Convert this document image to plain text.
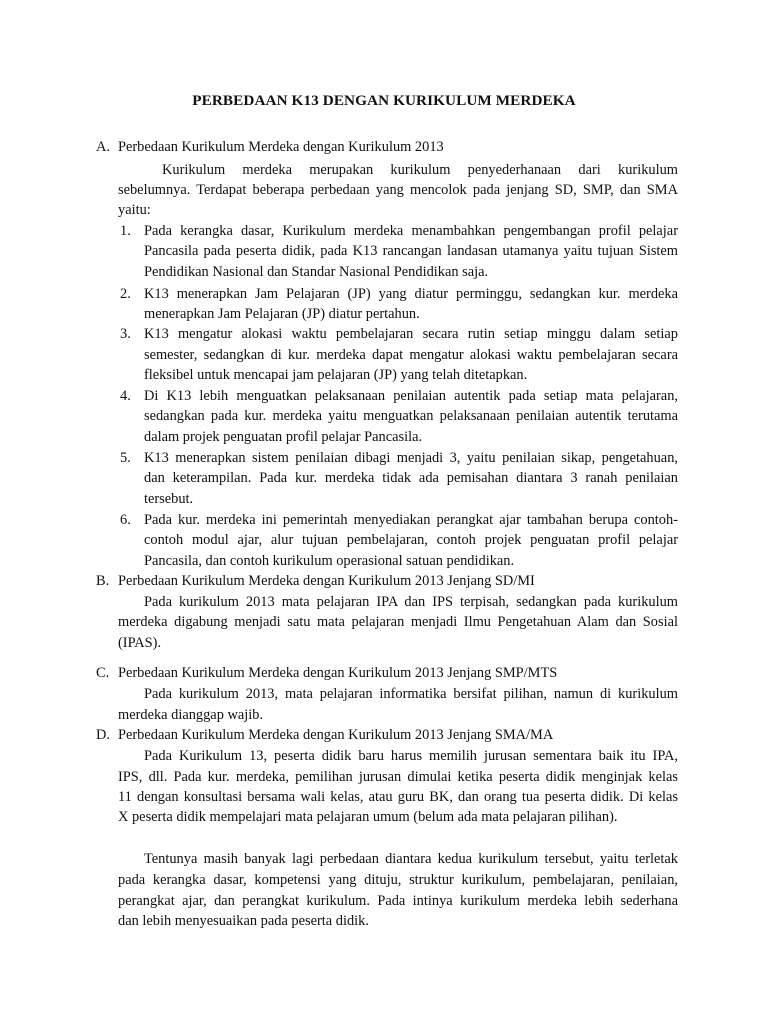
PERBEDAAN K13 DENGAN KURIKULUM MERDEKA
A. Perbedaan Kurikulum Merdeka dengan Kurikulum 2013
Kurikulum merdeka merupakan kurikulum penyederhanaan dari kurikulum
sebelumnya. Terdapat beberapa perbedaan yang mencolok pada jenjang SD, SMP, dan SMA
yaitu:
1. Pada kerangka dasar, Kurikulum merdeka menambahkan pengembangan profil pelajar
Pancasila pada peserta didik, pada K13 rancangan landasan utamanya yaitu tujuan Sistem
Pendidikan Nasional dan Standar Nasional Pendidikan saja.
2. K13 menerapkan Jam Pelajaran (JP) yang diatur perminggu, sedangkan kur. merdeka
menerapkan Jam Pelajaran (JP) diatur pertahun.
3. K13 mengatur alokasi waktu pembelajaran secara rutin setiap minggu dalam setiap
semester, sedangkan di kur. merdeka dapat mengatur alokasi waktu pembelajaran secara
fleksibel untuk mencapai jam pelajaran (JP) yang telah ditetapkan.
4. Di K13 lebih menguatkan pelaksanaan penilaian autentik pada setiap mata pelajaran,
sedangkan pada kur. merdeka yaitu menguatkan pelaksanaan penilaian autentik terutama
dalam projek penguatan profil pelajar Pancasila.
5. K13 menerapkan sistem penilaian dibagi menjadi 3, yaitu penilaian sikap, pengetahuan,
dan keterampilan. Pada kur. merdeka tidak ada pemisahan diantara 3 ranah penilaian
tersebut.
6. Pada kur. merdeka ini pemerintah menyediakan perangkat ajar tambahan berupa contoh-
contoh modul ajar, alur tujuan pembelajaran, contoh projek penguatan profil pelajar
Pancasila, dan contoh kurikulum operasional satuan pendidikan.
B. Perbedaan Kurikulum Merdeka dengan Kurikulum 2013 Jenjang SD/MI
Pada kurikulum 2013 mata pelajaran IPA dan IPS terpisah, sedangkan pada kurikulum
merdeka digabung menjadi satu mata pelajaran menjadi Ilmu Pengetahuan Alam dan Sosial
(IPAS).
C. Perbedaan Kurikulum Merdeka dengan Kurikulum 2013 Jenjang SMP/MTS
Pada kurikulum 2013, mata pelajaran informatika bersifat pilihan, namun di kurikulum
merdeka dianggap wajib.
D. Perbedaan Kurikulum Merdeka dengan Kurikulum 2013 Jenjang SMA/MA
Pada Kurikulum 13, peserta didik baru harus memilih jurusan sementara baik itu IPA,
IPS, dll. Pada kur. merdeka, pemilihan jurusan dimulai ketika peserta didik menginjak kelas
11 dengan konsultasi bersama wali kelas, atau guru BK, dan orang tua peserta didik. Di kelas
X peserta didik mempelajari mata pelajaran umum (belum ada mata pelajaran pilihan).
Tentunya masih banyak lagi perbedaan diantara kedua kurikulum tersebut, yaitu terletak
pada kerangka dasar, kompetensi yang dituju, struktur kurikulum, pembelajaran, penilaian,
perangkat ajar, dan perangkat kurikulum. Pada intinya kurikulum merdeka lebih sederhana
dan lebih menyesuaikan pada peserta didik.
